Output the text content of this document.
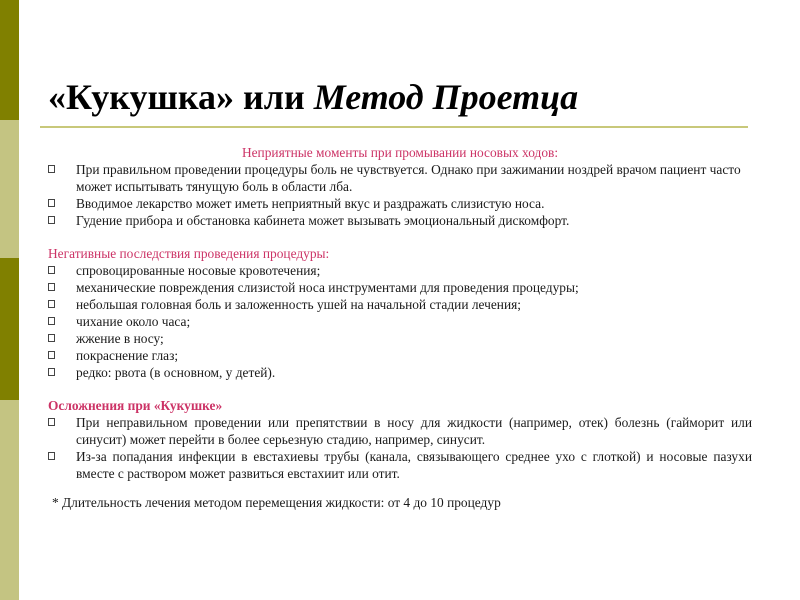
«Кукушка» или Метод Проетца
Неприятные моменты при промывании носовых ходов:
При правильном проведении процедуры боль не чувствуется. Однако при зажимании ноздрей врачом пациент часто может испытывать тянущую боль в области лба.
Вводимое лекарство может иметь неприятный вкус и раздражать слизистую носа.
Гудение прибора и обстановка кабинета может вызывать эмоциональный дискомфорт.
Негативные последствия проведения процедуры:
спровоцированные носовые кровотечения;
механические повреждения слизистой носа инструментами для проведения процедуры;
небольшая головная боль и заложенность ушей на начальной стадии лечения;
чихание около часа;
жжение в носу;
покраснение глаз;
редко: рвота (в основном, у детей).
Осложнения при «Кукушке»
При неправильном проведении или препятствии в носу для жидкости (например, отек) болезнь (гайморит или синусит) может перейти в более серьезную стадию, например, синусит.
Из-за попадания инфекции в евстахиевы трубы (канала, связывающего среднее ухо с глоткой) и носовые пазухи вместе с раствором может развиться евстахиит или отит.
* Длительность лечения методом перемещения жидкости: от 4 до 10 процедур
